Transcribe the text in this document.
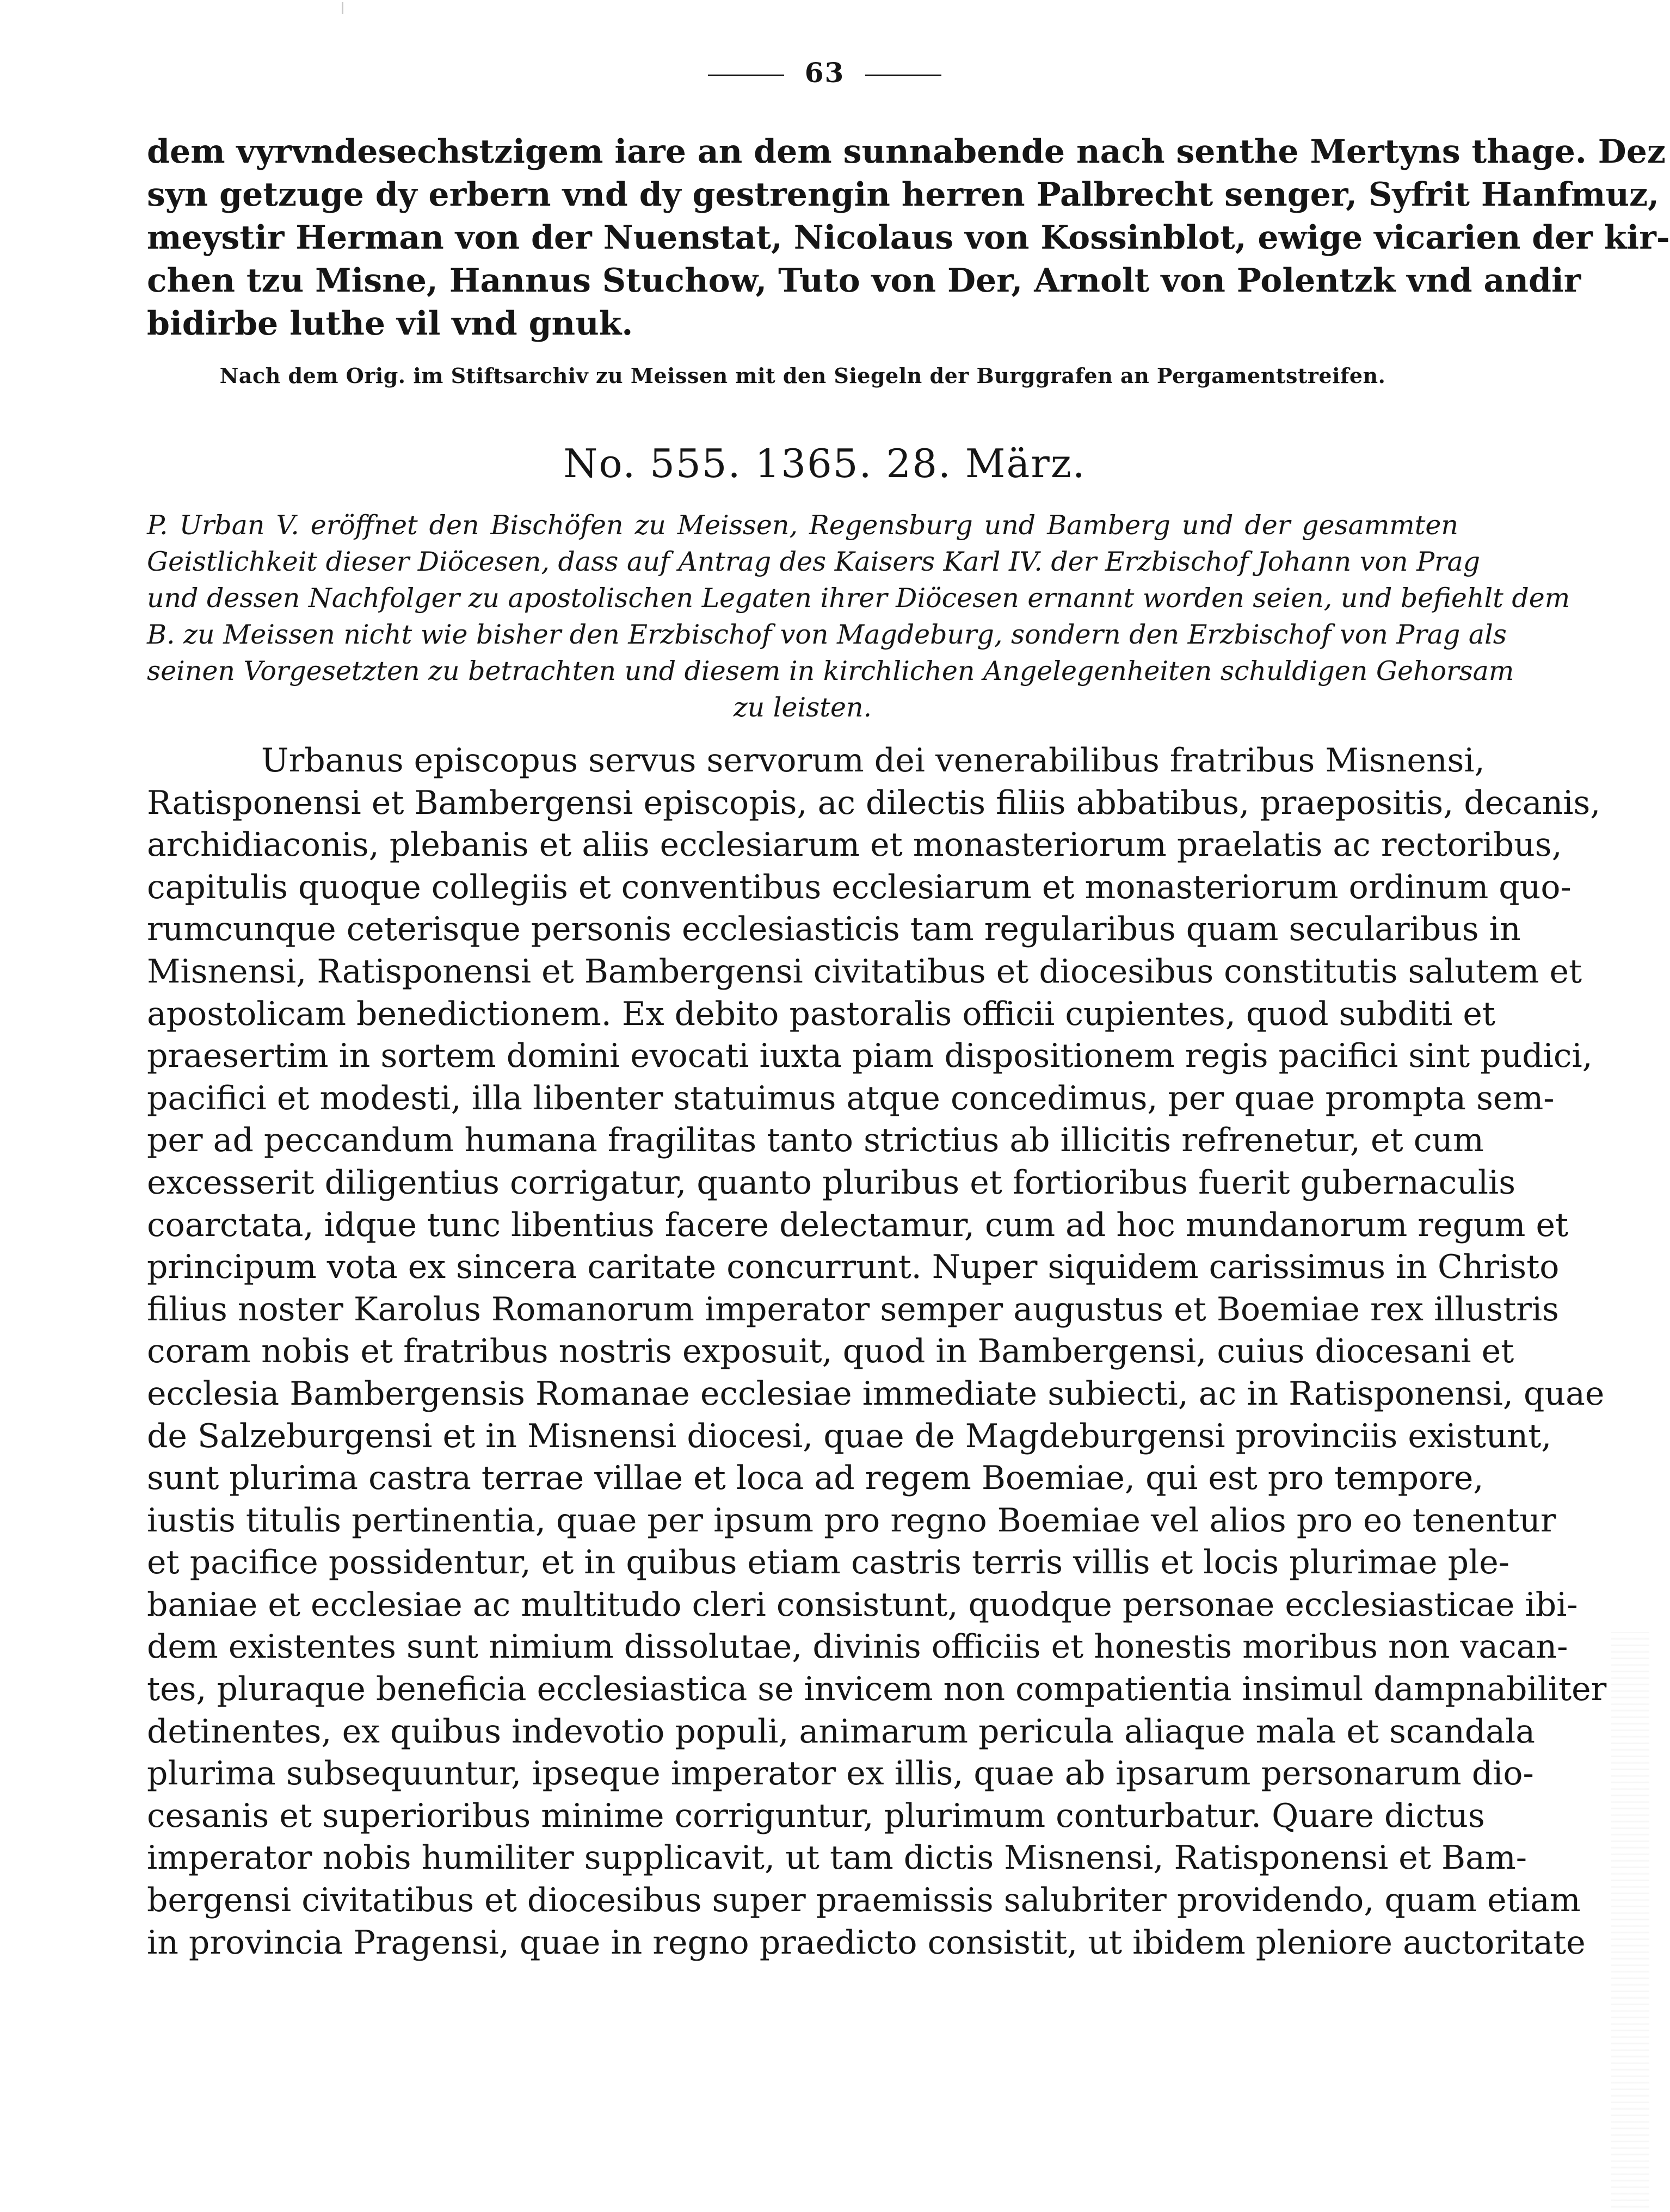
63
dem vyrvndesechstzigem iare an dem sunnabende nach senthe Mertyns thage. Dez
syn getzuge dy erbern vnd dy gestrengin herren Palbrecht senger, Syfrit Hanfmuz,
meystir Herman von der Nuenstat, Nicolaus von Kossinblot, ewige vicarien der kir-
chen tzu Misne, Hannus Stuchow, Tuto von Der, Arnolt von Polentzk vnd andir
bidirbe luthe vil vnd gnuk.
Nach dem Orig. im Stiftsarchiv zu Meissen mit den Siegeln der Burggrafen an Pergamentstreifen.
No. 555. 1365. 28. März.
P. Urban V. eröffnet den Bischöfen zu Meissen, Regensburg und Bamberg und der gesammten
Geistlichkeit dieser Diöcesen, dass auf Antrag des Kaisers Karl IV. der Erzbischof Johann von Prag
und dessen Nachfolger zu apostolischen Legaten ihrer Diöcesen ernannt worden seien, und befiehlt dem
B. zu Meissen nicht wie bisher den Erzbischof von Magdeburg, sondern den Erzbischof von Prag als
seinen Vorgesetzten zu betrachten und diesem in kirchlichen Angelegenheiten schuldigen Gehorsam
zu leisten.
Urbanus episcopus servus servorum dei venerabilibus fratribus Misnensi,
Ratisponensi et Bambergensi episcopis, ac dilectis filiis abbatibus, praepositis, decanis,
archidiaconis, plebanis et aliis ecclesiarum et monasteriorum praelatis ac rectoribus,
capitulis quoque collegiis et conventibus ecclesiarum et monasteriorum ordinum quo-
rumcunque ceterisque personis ecclesiasticis tam regularibus quam secularibus in
Misnensi, Ratisponensi et Bambergensi civitatibus et diocesibus constitutis salutem et
apostolicam benedictionem. Ex debito pastoralis officii cupientes, quod subditi et
praesertim in sortem domini evocati iuxta piam dispositionem regis pacifici sint pudici,
pacifici et modesti, illa libenter statuimus atque concedimus, per quae prompta sem-
per ad peccandum humana fragilitas tanto strictius ab illicitis refrenetur, et cum
excesserit diligentius corrigatur, quanto pluribus et fortioribus fuerit gubernaculis
coarctata, idque tunc libentius facere delectamur, cum ad hoc mundanorum regum et
principum vota ex sincera caritate concurrunt. Nuper siquidem carissimus in Christo
filius noster Karolus Romanorum imperator semper augustus et Boemiae rex illustris
coram nobis et fratribus nostris exposuit, quod in Bambergensi, cuius diocesani et
ecclesia Bambergensis Romanae ecclesiae immediate subiecti, ac in Ratisponensi, quae
de Salzeburgensi et in Misnensi diocesi, quae de Magdeburgensi provinciis existunt,
sunt plurima castra terrae villae et loca ad regem Boemiae, qui est pro tempore,
iustis titulis pertinentia, quae per ipsum pro regno Boemiae vel alios pro eo tenentur
et pacifice possidentur, et in quibus etiam castris terris villis et locis plurimae ple-
baniae et ecclesiae ac multitudo cleri consistunt, quodque personae ecclesiasticae ibi-
dem existentes sunt nimium dissolutae, divinis officiis et honestis moribus non vacan-
tes, pluraque beneficia ecclesiastica se invicem non compatientia insimul dampnabiliter
detinentes, ex quibus indevotio populi, animarum pericula aliaque mala et scandala
plurima subsequuntur, ipseque imperator ex illis, quae ab ipsarum personarum dio-
cesanis et superioribus minime corriguntur, plurimum conturbatur. Quare dictus
imperator nobis humiliter supplicavit, ut tam dictis Misnensi, Ratisponensi et Bam-
bergensi civitatibus et diocesibus super praemissis salubriter providendo, quam etiam
in provincia Pragensi, quae in regno praedicto consistit, ut ibidem pleniore auctoritate
